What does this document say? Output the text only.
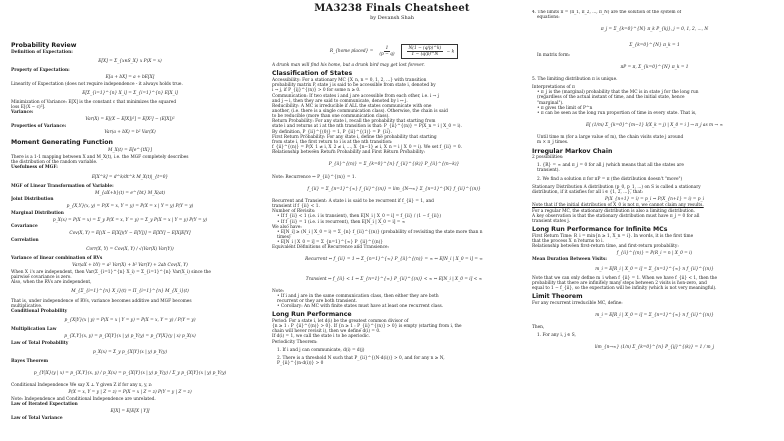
MA3238 Finals Cheatsheet
by Devansh Shah
Probability Review
Definition of Expectation:
E[X] = Σ_{x∈S_X} x P(X = x)
Property of Expectation:
E[a + bX] = a + bE[X]
Linearity of Expectation (does not require independence - it always holds true.
E[Σ_{i=1}^{n} X_i] = Σ_{i=1}^{n} E[X_i]
Minimization of Variance: E[X] is the constant c that minimizes the squared
loss E[(X − c)²].
Variance:
Var(X) = E[(X − E[X])²] = E[X²] − (E[X])²
Properties of Variance:
Var(a + bX) = b² Var(X)
Moment Generating Function
M_X(t) = E[e^{tX}]
There is a 1-1 mapping between X and M_X(t), i.e. the MGF completely describes
the distribution of the random variable.
Usefulness of MGF:
E[X^k] = d^k/dt^k M_X(t)|_{t=0}
MGF of Linear Transformation of Variable:
M_{aX+b}(t) = e^{bt} M_X(at)
Joint Distribution
p_{X,Y}(x, y) = P(X = x, Y = y) = P(X = x | Y = y) P(Y = y)
Marginal Distribution
p_X(x) = P(X = x) = Σ_y P(X = x, Y = y) = Σ_y P(X = x | Y = y) P(Y = y)
Covariance
Cov(X, Y) = E[(X − E[X])(Y − E[Y])] = E[XY] − E[X]E[Y]
Correlation
Corr(X, Y) = Cov(X, Y) / √(Var(X) Var(Y))
Variance of linear combination of RVs
Var(aX + bY) = a² Var(X) + b² Var(Y) + 2ab Cov(X, Y)
When X_i's are independent, then Var(Σ_{i=1}^{n} X_i) = Σ_{i=1}^{n} Var(X_i) since the
pairwise covariance is zero.
Also, when the RVs are independent,
M_{Σ_{i=1}^{n} X_i}(t) = Π_{i=1}^{n} M_{X_i}(t)
That is, under independence of RVs, variance becomes additive and MGF becomes
multiplicative.
Conditional Probability
p_{X|Y}(x | y) = P(X = x | Y = y) = P(X = x, Y = y) / P(Y = y)
Multiplication Law
p_{X,Y}(x, y) = p_{X|Y}(x | y) p_Y(y) = p_{Y|X}(y | x) p_X(x)
Law of Total Probability
p_X(x) = Σ_y p_{X|Y}(x | y) p_Y(y)
Bayes Theorem
p_{Y|X}(y | x) = p_{X,Y}(x, y) / p_X(x) = p_{X|Y}(x | y) p_Y(y) / Σ_y p_{X|Y}(x | y) p_Y(y)
Conditional Independence We say X ⊥ Y given Z if for any x, y, z:
P(X = x, Y = y | Z = z) = P(X = x | Z = z) P(Y = y | Z = z)
Note: Independence and Conditional Independence are unrelated.
Law of Iterated Expectation
E[X] = E[E[X | Y]]
Law of Total Variance
R_{home placed} = $\frac{1}{(p - q)}$	$\frac{N(1 - (q/p)\^{}k)}{1 - (q/p)\^{}N} - k$
A drunk man will find his home, but a drunk bird may get lost forever.
Classification of States
Accessibility: For a stationary MC {X_n, n = 0, 1, 2, ...} with transition
probability matrix P, state j is said to be accessible from state i, denoted by
i → j, if P_{ij}^{(n)} > 0 for some n ≥ 0.
Communication: If two states i and j are accessible from each other, i.e. i → j
and j → i, then they are said to communicate, denoted by i ↔ j.
Reducibility: A MC is irreducible if ALL the states communicate with one
another, (i.e. there is a single communication class). Otherwise, the chain is said
to be reducible (more than one communication class).
Return Probability: For any state i, recall the probability that starting from
state i and returns at i at the nth transition is that: P_{ii}^{(n)} = P(X_n = i | X_0 = i).
By definition, P_{ii}^{(0)} = 1, P_{ii}^{(1)} = P_{ii}.
First Return Probability: For any state i, define the probability that starting
from state i, the first return to i is at the nth transition:
f_{ii}^{(n)} = P(X_1 ≠ i, X_2 ≠ i, ..., X_{n−1} ≠ i, X_n = i | X_0 = i). We set f_{ii} = 0.
Relationship between Return Probability and First Return Probability:
P_{ii}^{(n)} = Σ_{k=0}^{n} f_{ii}^{(k)} P_{ii}^{(n−k)}
Note: Recurrence ⇔ P_{ii}^{(n)} = 1.
f_{ii} = Σ_{n=1}^{∞} f_{ii}^{(n)} = lim_{N→∞} Σ_{n=1}^{N} f_{ii}^{(n)}
Recurrent and Transient: A state i is said to be recurrent if f_{ii} = 1, and
transient if f_{ii} < 1.
Number of Revisits:
• If f_{ii} < 1 (i.e. i is transient), then E[N_i | X_0 = i] = f_{ii} / (1 − f_{ii})
• If f_{ii} = 1 (i.e. i is recurrent), then E[N_i | X_0 = i] = ∞
We also have:
• E[N_i] ≥ (N_i | X_0 = i) = Σ_{n} f_{ii}^{(n)} (probability of revisiting the state more than n
times)
• E[N_i | X_0 = i] = Σ_{n=1}^{∞} P_{ii}^{(n)}
Equivalent Definitions of Recurrence and Transience:
Recurrent ⇔ f_{ii} = 1 ⇔ Σ_{n=1}^{∞} P_{ii}^{(n)} = ∞ ⇔ E[N_i | X_0 = i] = ∞
Transient ⇔ f_{ii} < 1 ⇔ Σ_{n=1}^{∞} P_{ii}^{(n)} < ∞ ⇔ E[N_i | X_0 = i] < ∞
Note:
• If i and j are in the same communication class, then either they are both
recurrent or they are both transient.
• Corollary: An MC with finite states must have at least one recurrent class.
Long Run Performance
Period: For a state i, let d(i) be the greatest common divisor of
{n ≥ 1 : P_{ii}^{(n)} > 0}. If {n ≥ 1 : P_{ii}^{(n)} > 0} is empty (starting from i, the
chain will never revisit i), then we define d(i) = 0.
If d(i) = 1, we call the state i to be aperiodic.
Periodicity Theorem:
1. If i and j can communicate, d(i) = d(j)
2. There is a threshold N such that P_{ii}^{(N·d(i))} > 0, and for any n ≥ N,
P_{ii}^{(n·d(i))} > 0
4. The limits π = (π_1, π_2, ..., π_N) are the solution of the system of
equations:
π_j = Σ_{k=0}^{N} π_k P_{kj}, j = 0, 1, 2, ..., N
Σ_{k=0}^{N} π_k = 1
In matrix form:
πP = π, Σ_{k=0}^{N} π_k = 1
5. The limiting distribution π is unique.
Interpretations of π
• π_j is the (marginal) probability that the MC is in state j for the long run
(regardless of the actual instant of time, and the initial state, hence
"marginal").
• π gives the limit of P^n
• π can be seen as the long run proportion of time in every state. That is,
E[ (1/m) Σ_{k=0}^{m−1} I(X_k = j) | X_0 = i ] → π_j as m → ∞
Until time m (for a large value of m), the chain visits state j around
m × π_j times.
Irregular Markov Chain
2 possibilities:
1. {R} = ∞ and π_j = 0 for all j (which means that all the states are
transient).
2. We find a solution π for πP = π (the distribution doesn't "move")
Stationary Distribution A distribution (p_0, p_1, ...) on S is called a stationary
distribution, if it satisfies for all i ∈ {1, 2, ...}, that:
P(X_{n+1} = i) = p_i ⇒ P(X_{n+1} = i) = p_i
Note that if the initial distribution of X_0 is not π, we cannot claim any results.
For a regular MC, the stationary distribution is also a limiting distribution.
A key observation is that the stationary distribution must have π_j = 0 for all
transient states j.
Long Run Performance for Infinite MCs
First Return Time: R_i = min{n ≥ 1, X_n = i}. In words, it is the first time
that the process X_n returns to i.
Relationship between first-return time, and first-return probability:
f_{ii}^{(n)} = P(R_i = n | X_0 = i)
Mean Duration Between Visits:
m_i = E[R_i | X_0 = i] = Σ_{n=1}^{∞} n f_{ii}^{(n)}
Note that we can only define m_i when f_{ii} = 1. When we have f_{ii} < 1, then the
probability that there are infinitely many steps between 2 visits is non-zero, and
equal to 1 − f_{ii}, so the expectation will be infinity (which is not very meaningful).
Limit Theorem
For any recurrent irreducible MC, define:
m_i = E[R_i | X_0 = i] = Σ_{n=1}^{∞} n f_{ii}^{(n)}
Then,
1. For any i, j ∈ S,
lim_{n→∞} (1/n) Σ_{k=0}^{n} P_{ij}^{(k)} = 1 / m_j
